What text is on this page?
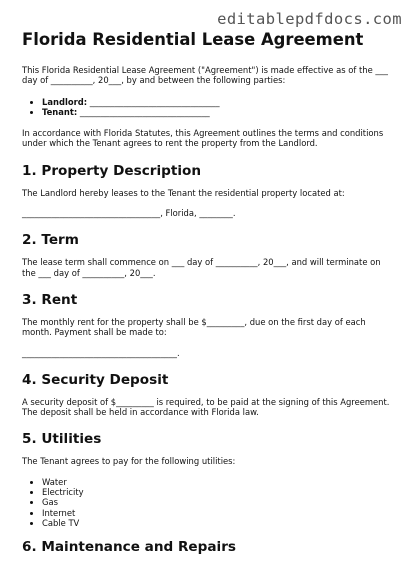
editablepdfdocs.com
Florida Residential Lease Agreement

This Florida Residential Lease Agreement ("Agreement") is made effective as of the ___ day of __________, 20___, by and between the following parties:

• Landlord: _______________________________
• Tenant: _______________________________

In accordance with Florida Statutes, this Agreement outlines the terms and conditions under which the Tenant agrees to rent the property from the Landlord.

1. Property Description

The Landlord hereby leases to the Tenant the residential property located at:

_________________________________, Florida, ________.

2. Term

The lease term shall commence on ___ day of __________, 20___, and will terminate on the ___ day of __________, 20___.

3. Rent

The monthly rent for the property shall be $_________, due on the first day of each month. Payment shall be made to:

_____________________________________.

4. Security Deposit

A security deposit of $_________ is required, to be paid at the signing of this Agreement. The deposit shall be held in accordance with Florida law.

5. Utilities

The Tenant agrees to pay for the following utilities:

• Water
• Electricity
• Gas
• Internet
• Cable TV
6. Maintenance and Repairs
